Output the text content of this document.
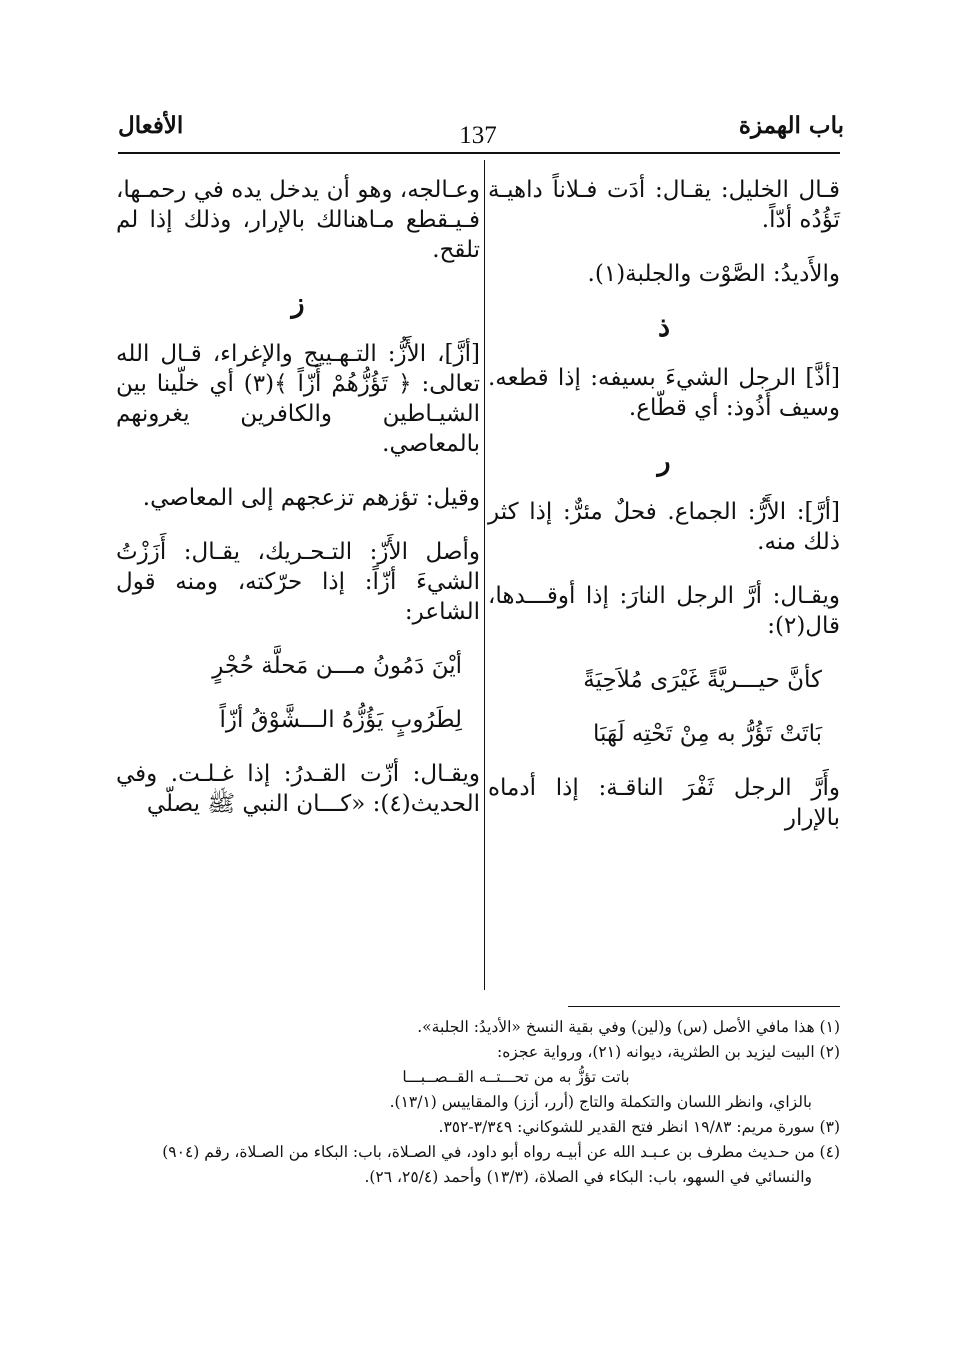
باب الهمزة
137
الأفعال

قـال الخليل: يقـال: أدَت فـلاناً داهيـة تَؤُدُه أدّاً.

والأَديدُ: الصَّوْت والجلبة(١).

ذ

[أذَّ] الرجل الشيءَ بسيفه: إذا قطعه. وسيف أَذُوذ: أي قطّاع.

ر

[أرَّ]: الأَرُّ: الجماع. فحلٌ مئرٌّ: إذا كثر ذلك منه.

ويقـال: أرَّ الرجل النارَ: إذا أوقـــدها، قال(٢):

كأنَّ حيـــريَّةً غَيْرَى مُلاَحِيَةً

بَاتَتْ تَؤُرُّ به مِنْ تَحْتِه لَهَبَا

وأَرَّ الرجل ثَفْرَ الناقـة: إذا أدماه بالإرار

وعـالجه، وهو أن يدخل يده في رحمـها، فـيـقطع مـاهنالك بالإرار، وذلك إذا لم تلقح.

ز

[أزَّ]، الأَزُّ: التـهـييج والإغراء، قـال الله تعالى: ﴿ تَؤُزُّهُمْ أَزّاً ﴾(٣) أي خلّينا بين الشيـاطين والكافرين يغرونهم بالمعاصي.

وقيل: تؤزهم تزعجهم إلى المعاصي.

وأصل الأَزّ: التـحـريك، يقـال: أَزَزْتُ الشيءَ أزّاً: إذا حرّكته، ومنه قول الشاعر:

أيْنَ دَمُونُ مـــن مَحلَّة حُجْرٍ

لِطَرُوبٍ يَؤُزُّهُ الـــشَّوْقُ أزّاً

ويقـال: أزّت القـدرُ: إذا غـلـت. وفي الحديث(٤): «كـــان النبي ﷺ يصلّي

(١) هذا مافي الأصل (س) و(لين) وفي بقية النسخ «الأديدُ: الجلبة».

(٢) البيت ليزيد بن الطثرية، ديوانه (٢١)، ورواية عجزه:

باتت تؤزُّ به من تحـــتــه القــصــبـــا

بالزاي، وانظر اللسان والتكملة والتاج (أرر، أزز) والمقاييس (١٣/١).

(٣) سورة مريم: ١٩/٨٣ انظر فتح القدير للشوكاني: ٣/٣٤٩-٣٥٢.

(٤) من حـديث مطرف بن عـبـد الله عن أبيـه رواه أبو داود، في الصـلاة، باب: البكاء من الصـلاة، رقم (٩٠٤)

والنسائي في السهو، باب: البكاء في الصلاة، (١٣/٣) وأحمد (٢٥/٤، ٢٦).
